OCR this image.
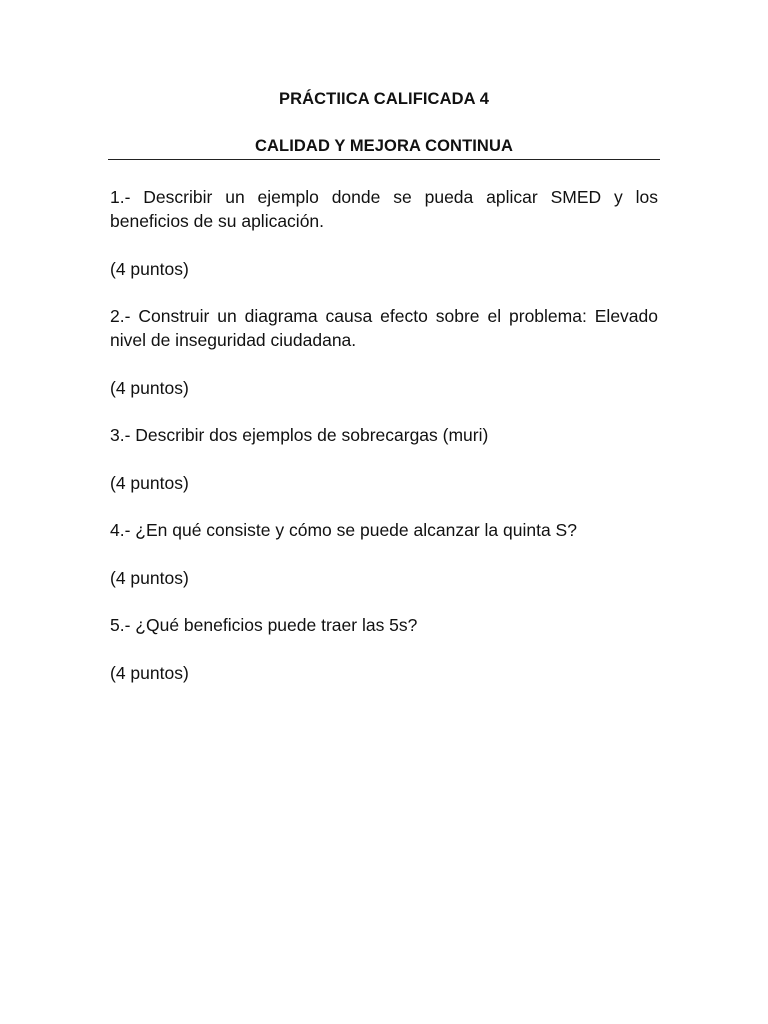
PRÁCTIICA CALIFICADA 4
CALIDAD Y MEJORA CONTINUA
1.- Describir un ejemplo donde se pueda aplicar SMED y los beneficios de su aplicación.
(4 puntos)
2.- Construir un diagrama causa efecto sobre el problema: Elevado nivel de inseguridad ciudadana.
(4 puntos)
3.- Describir dos ejemplos de sobrecargas (muri)
(4 puntos)
4.- ¿En qué consiste y cómo se puede alcanzar la quinta S?
(4 puntos)
5.- ¿Qué beneficios puede traer las 5s?
(4 puntos)
